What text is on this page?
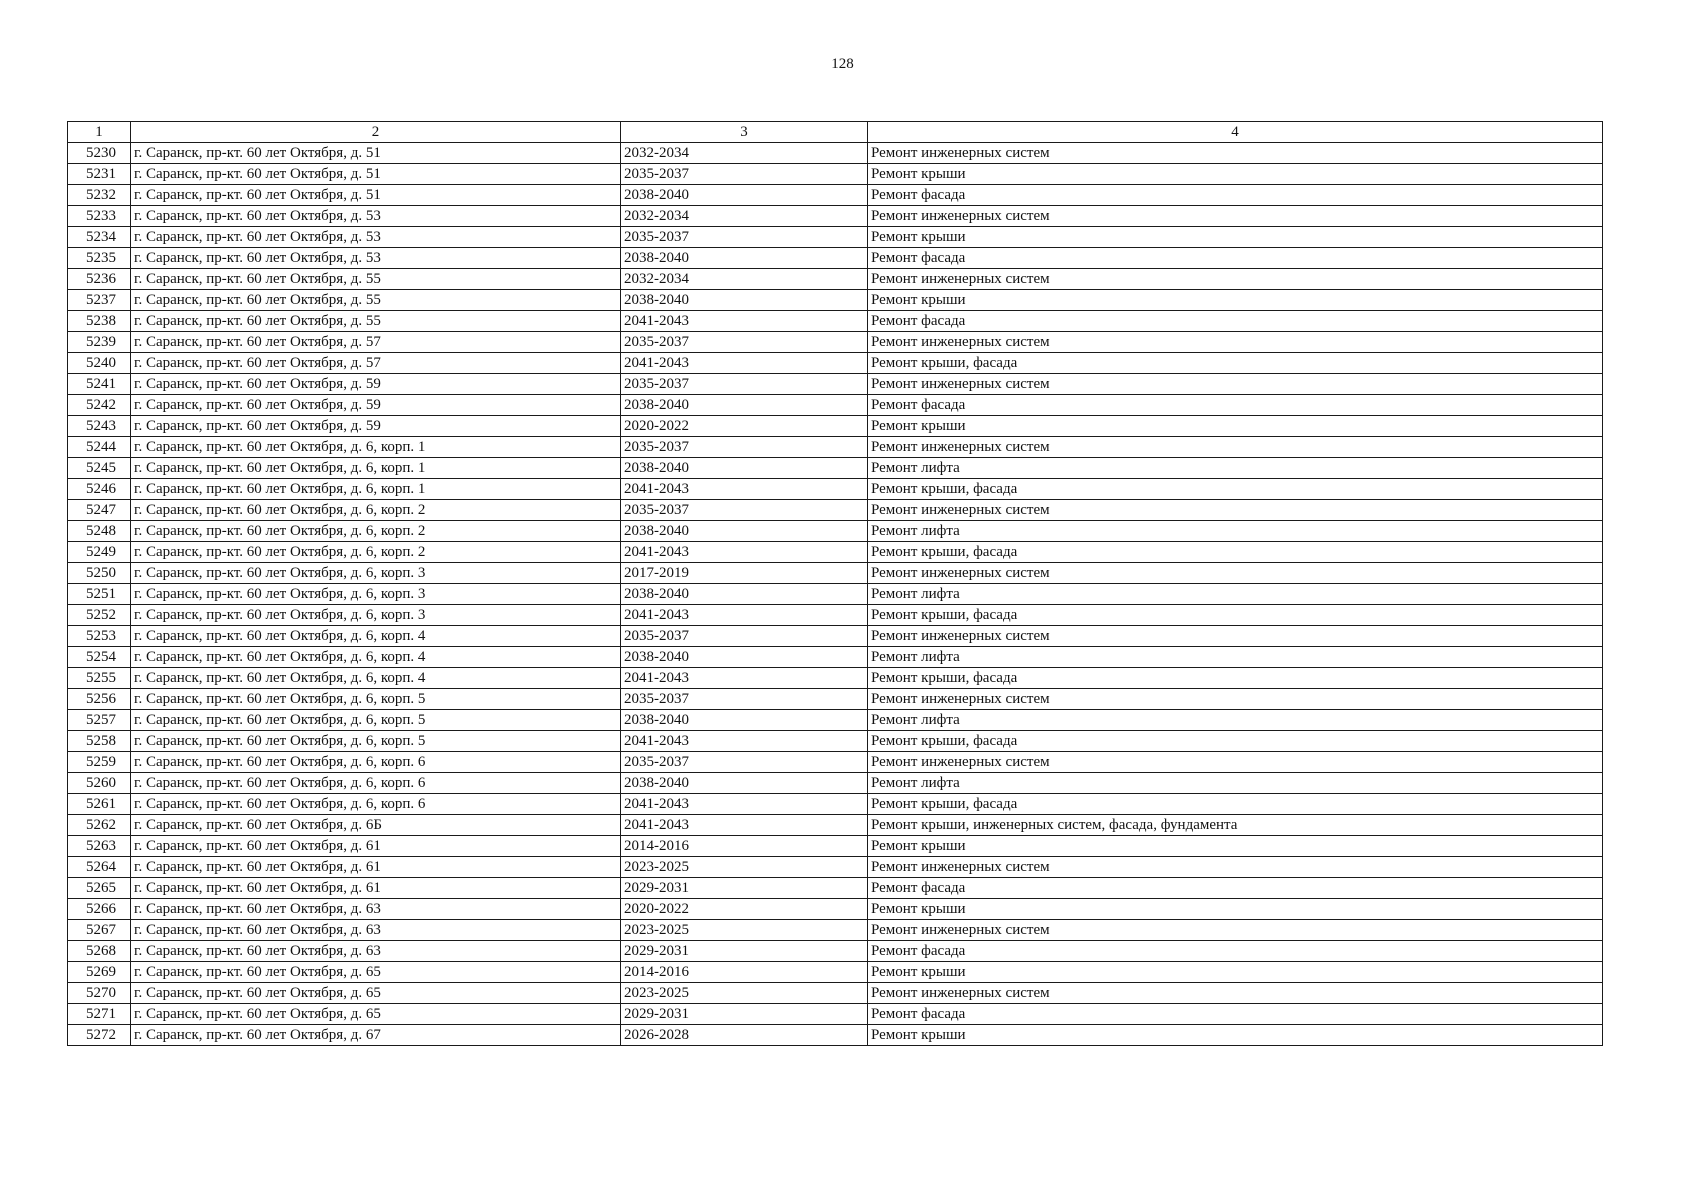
128
1	2	3	4
5230	г. Саранск, пр-кт. 60 лет Октября, д. 51	2032-2034	Ремонт инженерных систем
5231	г. Саранск, пр-кт. 60 лет Октября, д. 51	2035-2037	Ремонт крыши
5232	г. Саранск, пр-кт. 60 лет Октября, д. 51	2038-2040	Ремонт фасада
5233	г. Саранск, пр-кт. 60 лет Октября, д. 53	2032-2034	Ремонт инженерных систем
5234	г. Саранск, пр-кт. 60 лет Октября, д. 53	2035-2037	Ремонт крыши
5235	г. Саранск, пр-кт. 60 лет Октября, д. 53	2038-2040	Ремонт фасада
5236	г. Саранск, пр-кт. 60 лет Октября, д. 55	2032-2034	Ремонт инженерных систем
5237	г. Саранск, пр-кт. 60 лет Октября, д. 55	2038-2040	Ремонт крыши
5238	г. Саранск, пр-кт. 60 лет Октября, д. 55	2041-2043	Ремонт фасада
5239	г. Саранск, пр-кт. 60 лет Октября, д. 57	2035-2037	Ремонт инженерных систем
5240	г. Саранск, пр-кт. 60 лет Октября, д. 57	2041-2043	Ремонт крыши, фасада
5241	г. Саранск, пр-кт. 60 лет Октября, д. 59	2035-2037	Ремонт инженерных систем
5242	г. Саранск, пр-кт. 60 лет Октября, д. 59	2038-2040	Ремонт фасада
5243	г. Саранск, пр-кт. 60 лет Октября, д. 59	2020-2022	Ремонт крыши
5244	г. Саранск, пр-кт. 60 лет Октября, д. 6, корп. 1	2035-2037	Ремонт инженерных систем
5245	г. Саранск, пр-кт. 60 лет Октября, д. 6, корп. 1	2038-2040	Ремонт лифта
5246	г. Саранск, пр-кт. 60 лет Октября, д. 6, корп. 1	2041-2043	Ремонт крыши, фасада
5247	г. Саранск, пр-кт. 60 лет Октября, д. 6, корп. 2	2035-2037	Ремонт инженерных систем
5248	г. Саранск, пр-кт. 60 лет Октября, д. 6, корп. 2	2038-2040	Ремонт лифта
5249	г. Саранск, пр-кт. 60 лет Октября, д. 6, корп. 2	2041-2043	Ремонт крыши, фасада
5250	г. Саранск, пр-кт. 60 лет Октября, д. 6, корп. 3	2017-2019	Ремонт инженерных систем
5251	г. Саранск, пр-кт. 60 лет Октября, д. 6, корп. 3	2038-2040	Ремонт лифта
5252	г. Саранск, пр-кт. 60 лет Октября, д. 6, корп. 3	2041-2043	Ремонт крыши, фасада
5253	г. Саранск, пр-кт. 60 лет Октября, д. 6, корп. 4	2035-2037	Ремонт инженерных систем
5254	г. Саранск, пр-кт. 60 лет Октября, д. 6, корп. 4	2038-2040	Ремонт лифта
5255	г. Саранск, пр-кт. 60 лет Октября, д. 6, корп. 4	2041-2043	Ремонт крыши, фасада
5256	г. Саранск, пр-кт. 60 лет Октября, д. 6, корп. 5	2035-2037	Ремонт инженерных систем
5257	г. Саранск, пр-кт. 60 лет Октября, д. 6, корп. 5	2038-2040	Ремонт лифта
5258	г. Саранск, пр-кт. 60 лет Октября, д. 6, корп. 5	2041-2043	Ремонт крыши, фасада
5259	г. Саранск, пр-кт. 60 лет Октября, д. 6, корп. 6	2035-2037	Ремонт инженерных систем
5260	г. Саранск, пр-кт. 60 лет Октября, д. 6, корп. 6	2038-2040	Ремонт лифта
5261	г. Саранск, пр-кт. 60 лет Октября, д. 6, корп. 6	2041-2043	Ремонт крыши, фасада
5262	г. Саранск, пр-кт. 60 лет Октября, д. 6Б	2041-2043	Ремонт крыши, инженерных систем, фасада, фундамента
5263	г. Саранск, пр-кт. 60 лет Октября, д. 61	2014-2016	Ремонт крыши
5264	г. Саранск, пр-кт. 60 лет Октября, д. 61	2023-2025	Ремонт инженерных систем
5265	г. Саранск, пр-кт. 60 лет Октября, д. 61	2029-2031	Ремонт фасада
5266	г. Саранск, пр-кт. 60 лет Октября, д. 63	2020-2022	Ремонт крыши
5267	г. Саранск, пр-кт. 60 лет Октября, д. 63	2023-2025	Ремонт инженерных систем
5268	г. Саранск, пр-кт. 60 лет Октября, д. 63	2029-2031	Ремонт фасада
5269	г. Саранск, пр-кт. 60 лет Октября, д. 65	2014-2016	Ремонт крыши
5270	г. Саранск, пр-кт. 60 лет Октября, д. 65	2023-2025	Ремонт инженерных систем
5271	г. Саранск, пр-кт. 60 лет Октября, д. 65	2029-2031	Ремонт фасада
5272	г. Саранск, пр-кт. 60 лет Октября, д. 67	2026-2028	Ремонт крыши
